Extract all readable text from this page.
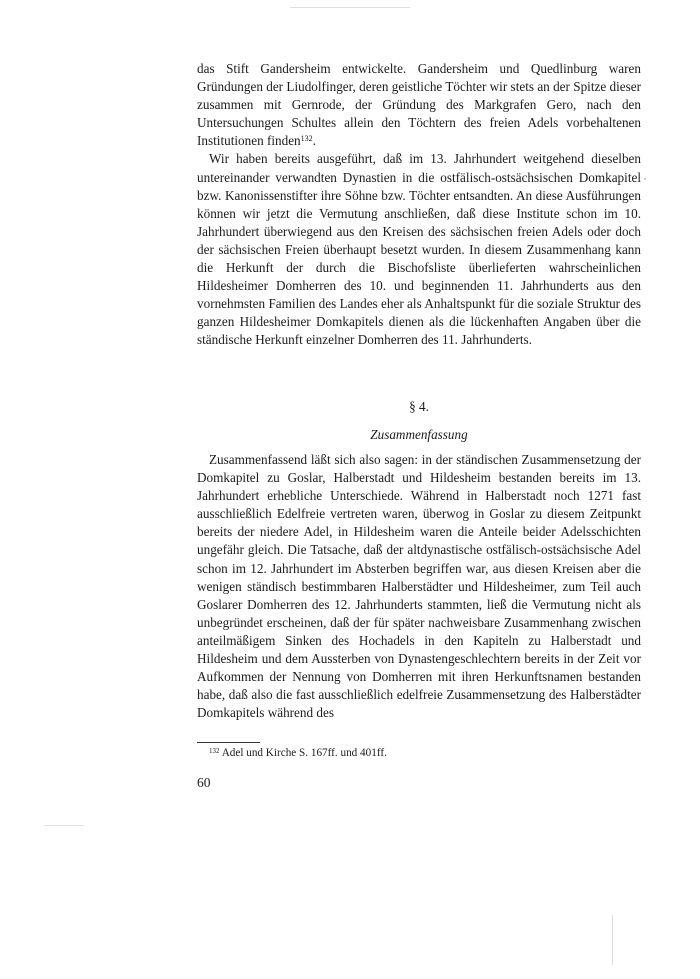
das Stift Gandersheim entwickelte. Gandersheim und Quedlinburg waren Gründungen der Liudolfinger, deren geistliche Töchter wir stets an der Spitze dieser zusammen mit Gernrode, der Gründung des Markgrafen Gero, nach den Untersuchungen Schultes allein den Töchtern des freien Adels vorbehaltenen Institutionen finden$^{132}$.

Wir haben bereits ausgeführt, daß im 13. Jahrhundert weitgehend dieselben untereinander verwandten Dynastien in die ostfälisch-ostsächsischen Domkapitel bzw. Kanonissenstifter ihre Söhne bzw. Töchter entsandten. An diese Ausführungen können wir jetzt die Vermutung anschließen, daß diese Institute schon im 10. Jahrhundert überwiegend aus den Kreisen des sächsischen freien Adels oder doch der sächsischen Freien überhaupt besetzt wurden. In diesem Zusammenhang kann die Herkunft der durch die Bischofsliste überlieferten wahrscheinlichen Hildesheimer Domherren des 10. und beginnenden 11. Jahrhunderts aus den vornehmsten Familien des Landes eher als Anhaltspunkt für die soziale Struktur des ganzen Hildesheimer Domkapitels dienen als die lückenhaften Angaben über die ständische Herkunft einzelner Domherren des 11. Jahrhunderts.

§ 4.
Zusammenfassung

Zusammenfassend läßt sich also sagen: in der ständischen Zusammensetzung der Domkapitel zu Goslar, Halberstadt und Hildesheim bestanden bereits im 13. Jahrhundert erhebliche Unterschiede. Während in Halberstadt noch 1271 fast ausschließlich Edelfreie vertreten waren, überwog in Goslar zu diesem Zeitpunkt bereits der niedere Adel, in Hildesheim waren die Anteile beider Adelsschichten ungefähr gleich. Die Tatsache, daß der altdynastische ostfälisch-ostsächsische Adel schon im 12. Jahrhundert im Absterben begriffen war, aus diesen Kreisen aber die wenigen ständisch bestimmbaren Halberstädter und Hildesheimer, zum Teil auch Goslarer Domherren des 12. Jahrhunderts stammten, ließ die Vermutung nicht als unbegründet erscheinen, daß der für später nachweisbare Zusammenhang zwischen anteilmäßigem Sinken des Hochadels in den Kapiteln zu Halberstadt und Hildesheim und dem Aussterben von Dynastengeschlechtern bereits in der Zeit vor Aufkommen der Nennung von Domherren mit ihren Herkunftsnamen bestanden habe, daß also die fast ausschließlich edelfreie Zusammensetzung des Halberstädter Domkapitels während des

$^{132}$ Adel und Kirche S. 167ff. und 401ff.
60
